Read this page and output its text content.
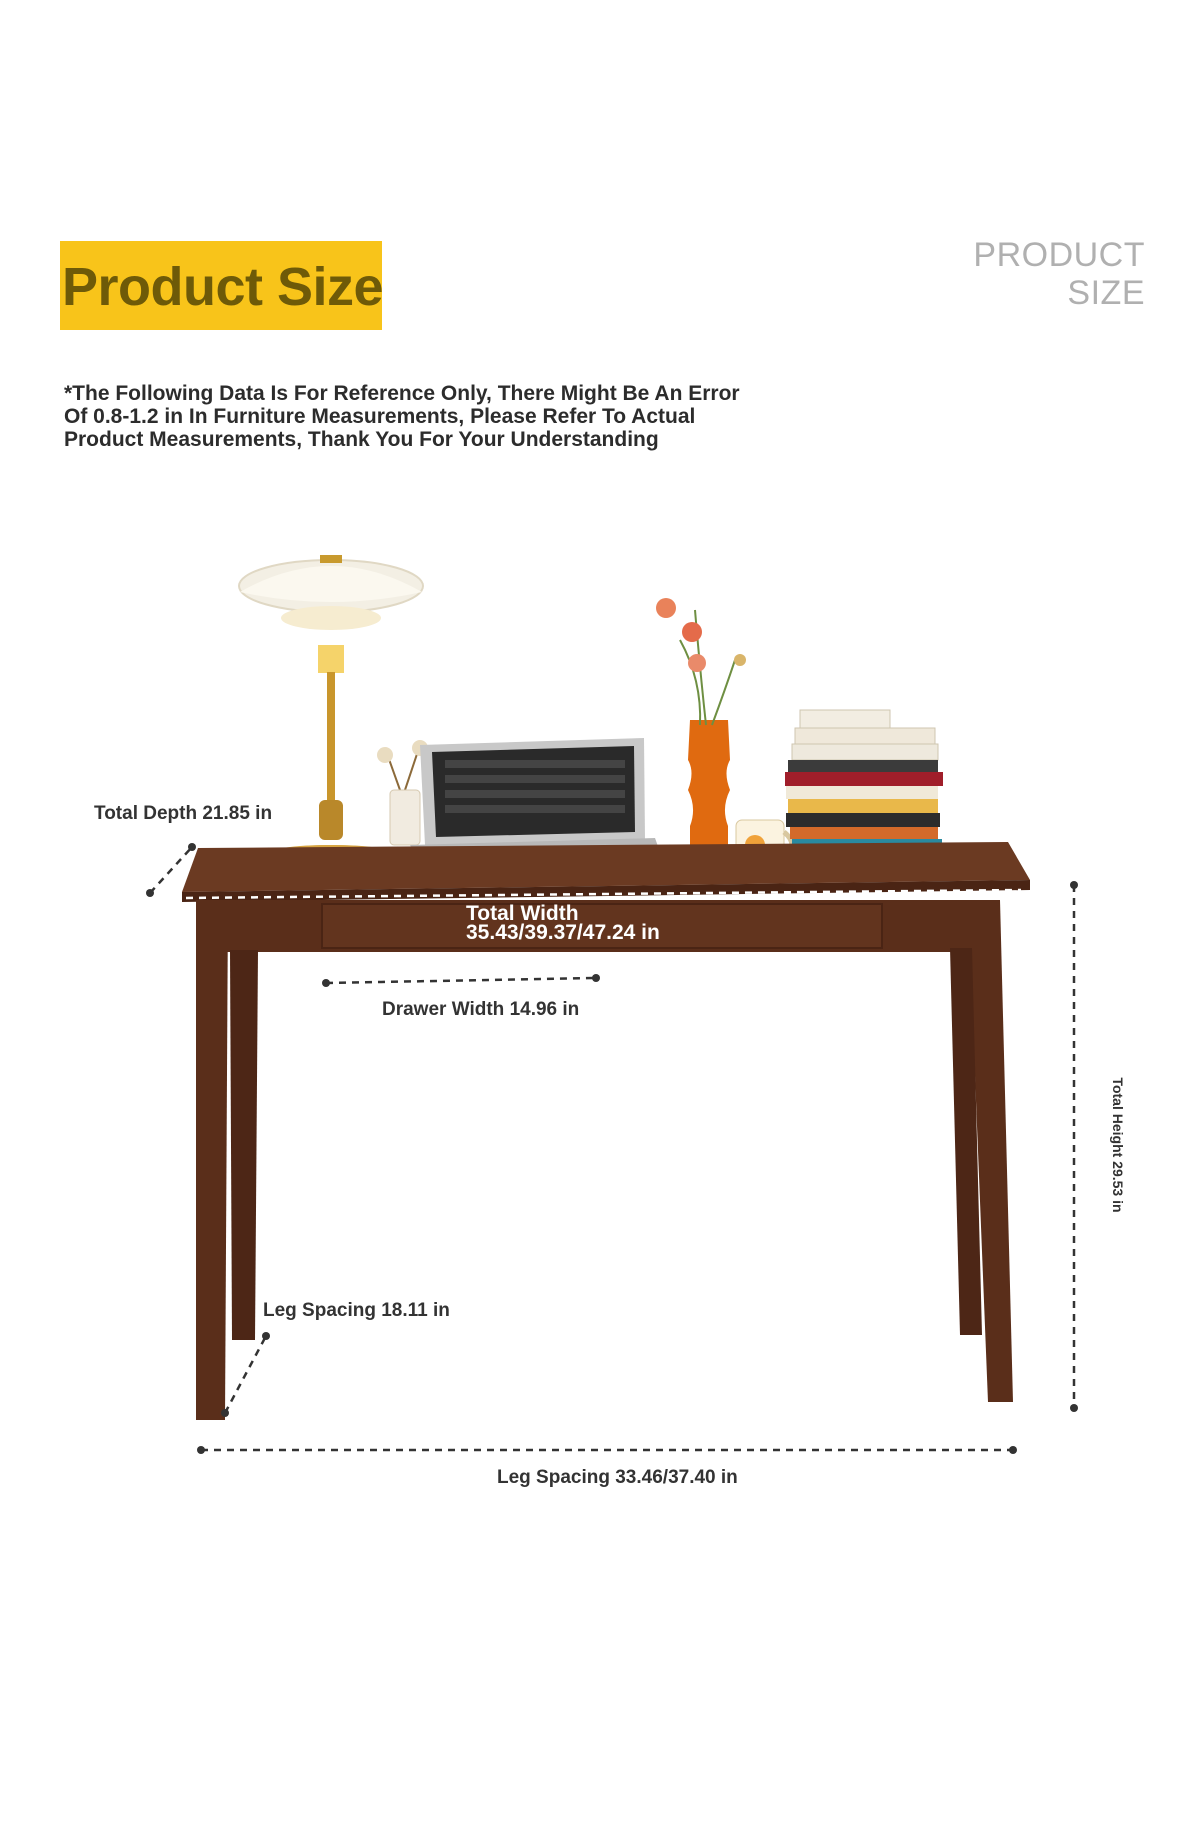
Product Size
PRODUCT
SIZE
*The Following Data Is For Reference Only, There Might Be An Error Of 0.8-1.2 in In Furniture Measurements, Please Refer To Actual Product Measurements, Thank You For Your Understanding
Total Depth 21.85 in
Total Width
35.43/39.37/47.24 in
Drawer Width 14.96 in
Total Height 29.53 in
Leg Spacing 18.11 in
Leg Spacing 33.46/37.40 in
